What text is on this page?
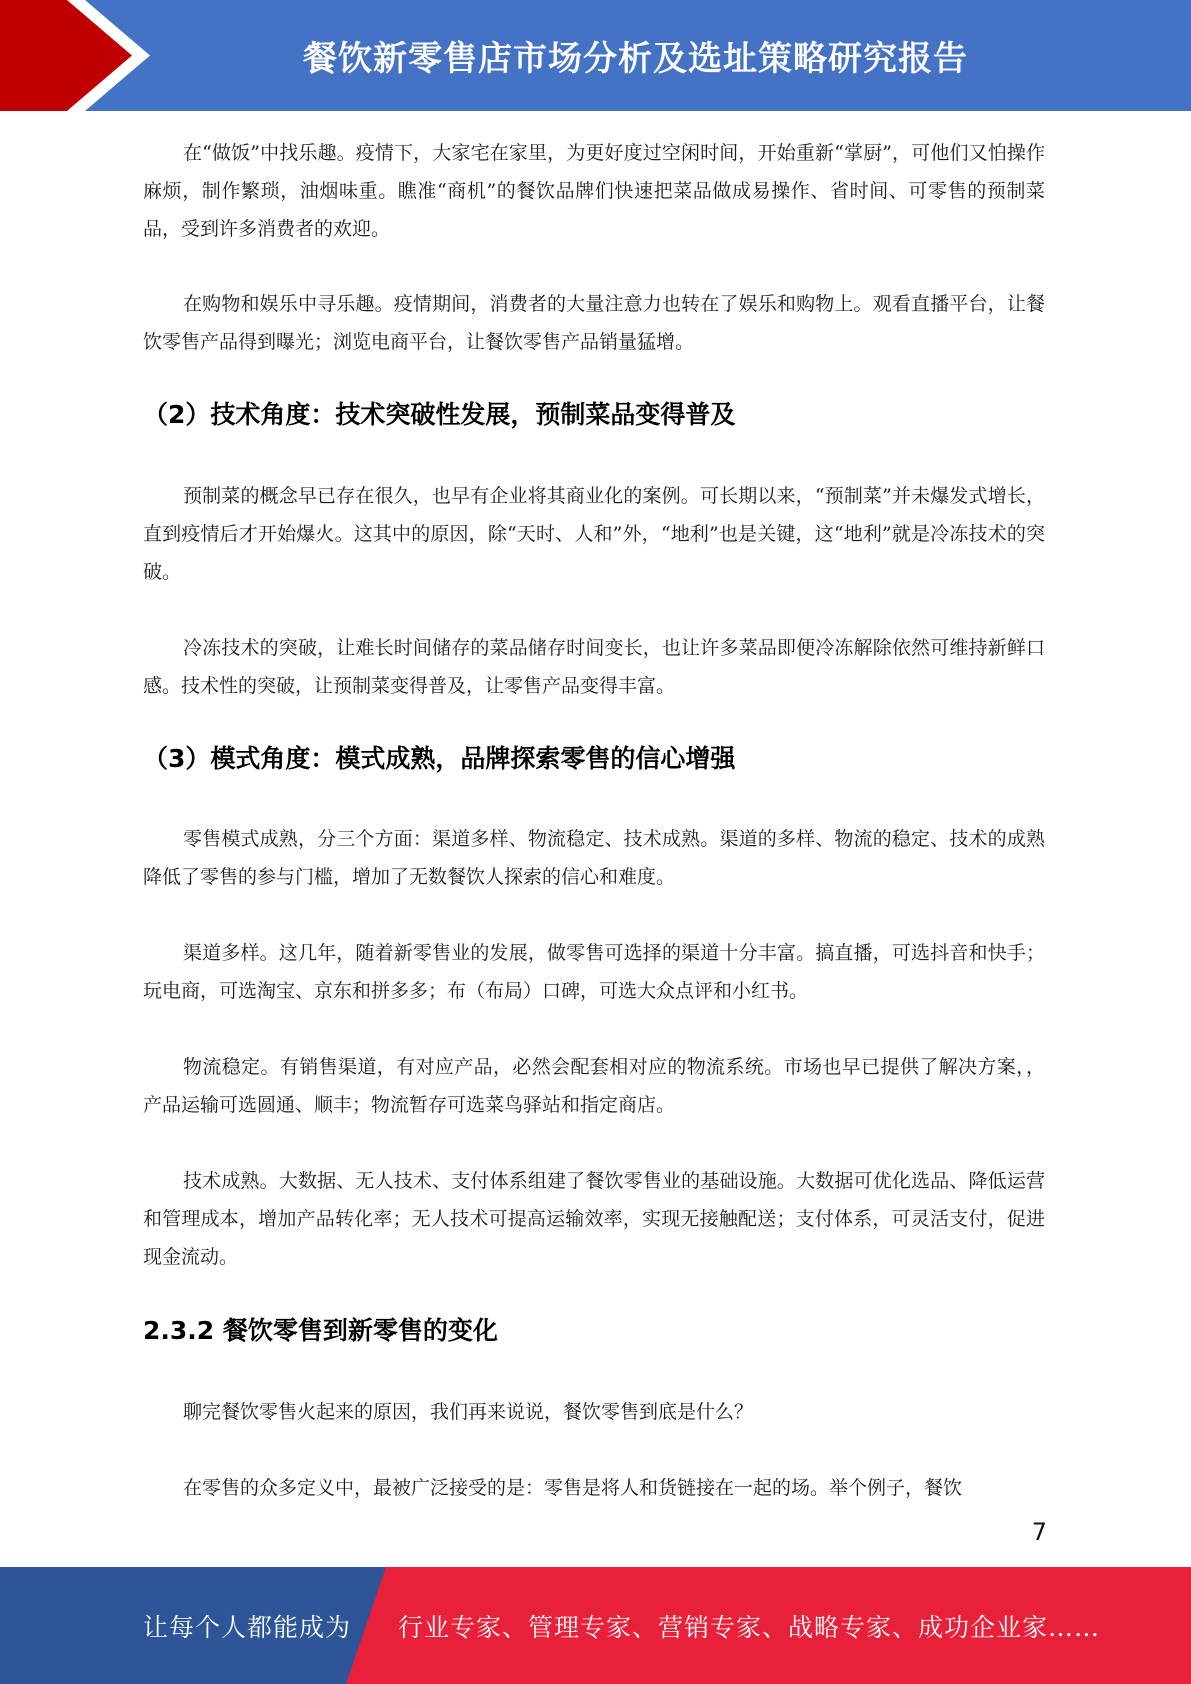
餐饮新零售店市场分析及选址策略研究报告

在“做饭”中找乐趣。疫情下，大家宅在家里，为更好度过空闲时间，开始重新“掌厨”，可他们又怕操作麻烦，制作繁琐，油烟味重。瞧准“商机”的餐饮品牌们快速把菜品做成易操作、省时间、可零售的预制菜品，受到许多消费者的欢迎。

在购物和娱乐中寻乐趣。疫情期间，消费者的大量注意力也转在了娱乐和购物上。观看直播平台，让餐饮零售产品得到曝光；浏览电商平台，让餐饮零售产品销量猛增。

（2）技术角度：技术突破性发展，预制菜品变得普及

预制菜的概念早已存在很久，也早有企业将其商业化的案例。可长期以来，“预制菜”并未爆发式增长，直到疫情后才开始爆火。这其中的原因，除“天时、人和”外，“地利”也是关键，这“地利”就是冷冻技术的突破。

冷冻技术的突破，让难长时间储存的菜品储存时间变长，也让许多菜品即便冷冻解除依然可维持新鲜口感。技术性的突破，让预制菜变得普及，让零售产品变得丰富。

（3）模式角度：模式成熟，品牌探索零售的信心增强

零售模式成熟，分三个方面：渠道多样、物流稳定、技术成熟。渠道的多样、物流的稳定、技术的成熟降低了零售的参与门槛，增加了无数餐饮人探索的信心和难度。

渠道多样。这几年，随着新零售业的发展，做零售可选择的渠道十分丰富。搞直播，可选抖音和快手；玩电商，可选淘宝、京东和拼多多；布（布局）口碑，可选大众点评和小红书。

物流稳定。有销售渠道，有对应产品，必然会配套相对应的物流系统。市场也早已提供了解决方案，，产品运输可选圆通、顺丰；物流暂存可选菜鸟驿站和指定商店。

技术成熟。大数据、无人技术、支付体系组建了餐饮零售业的基础设施。大数据可优化选品、降低运营和管理成本，增加产品转化率；无人技术可提高运输效率，实现无接触配送；支付体系，可灵活支付，促进现金流动。

2.3.2 餐饮零售到新零售的变化

聊完餐饮零售火起来的原因，我们再来说说，餐饮零售到底是什么？

在零售的众多定义中，最被广泛接受的是：零售是将人和货链接在一起的场。举个例子，餐饮

7
让每个人都能成为 行业专家、管理专家、营销专家、战略专家、成功企业家……
